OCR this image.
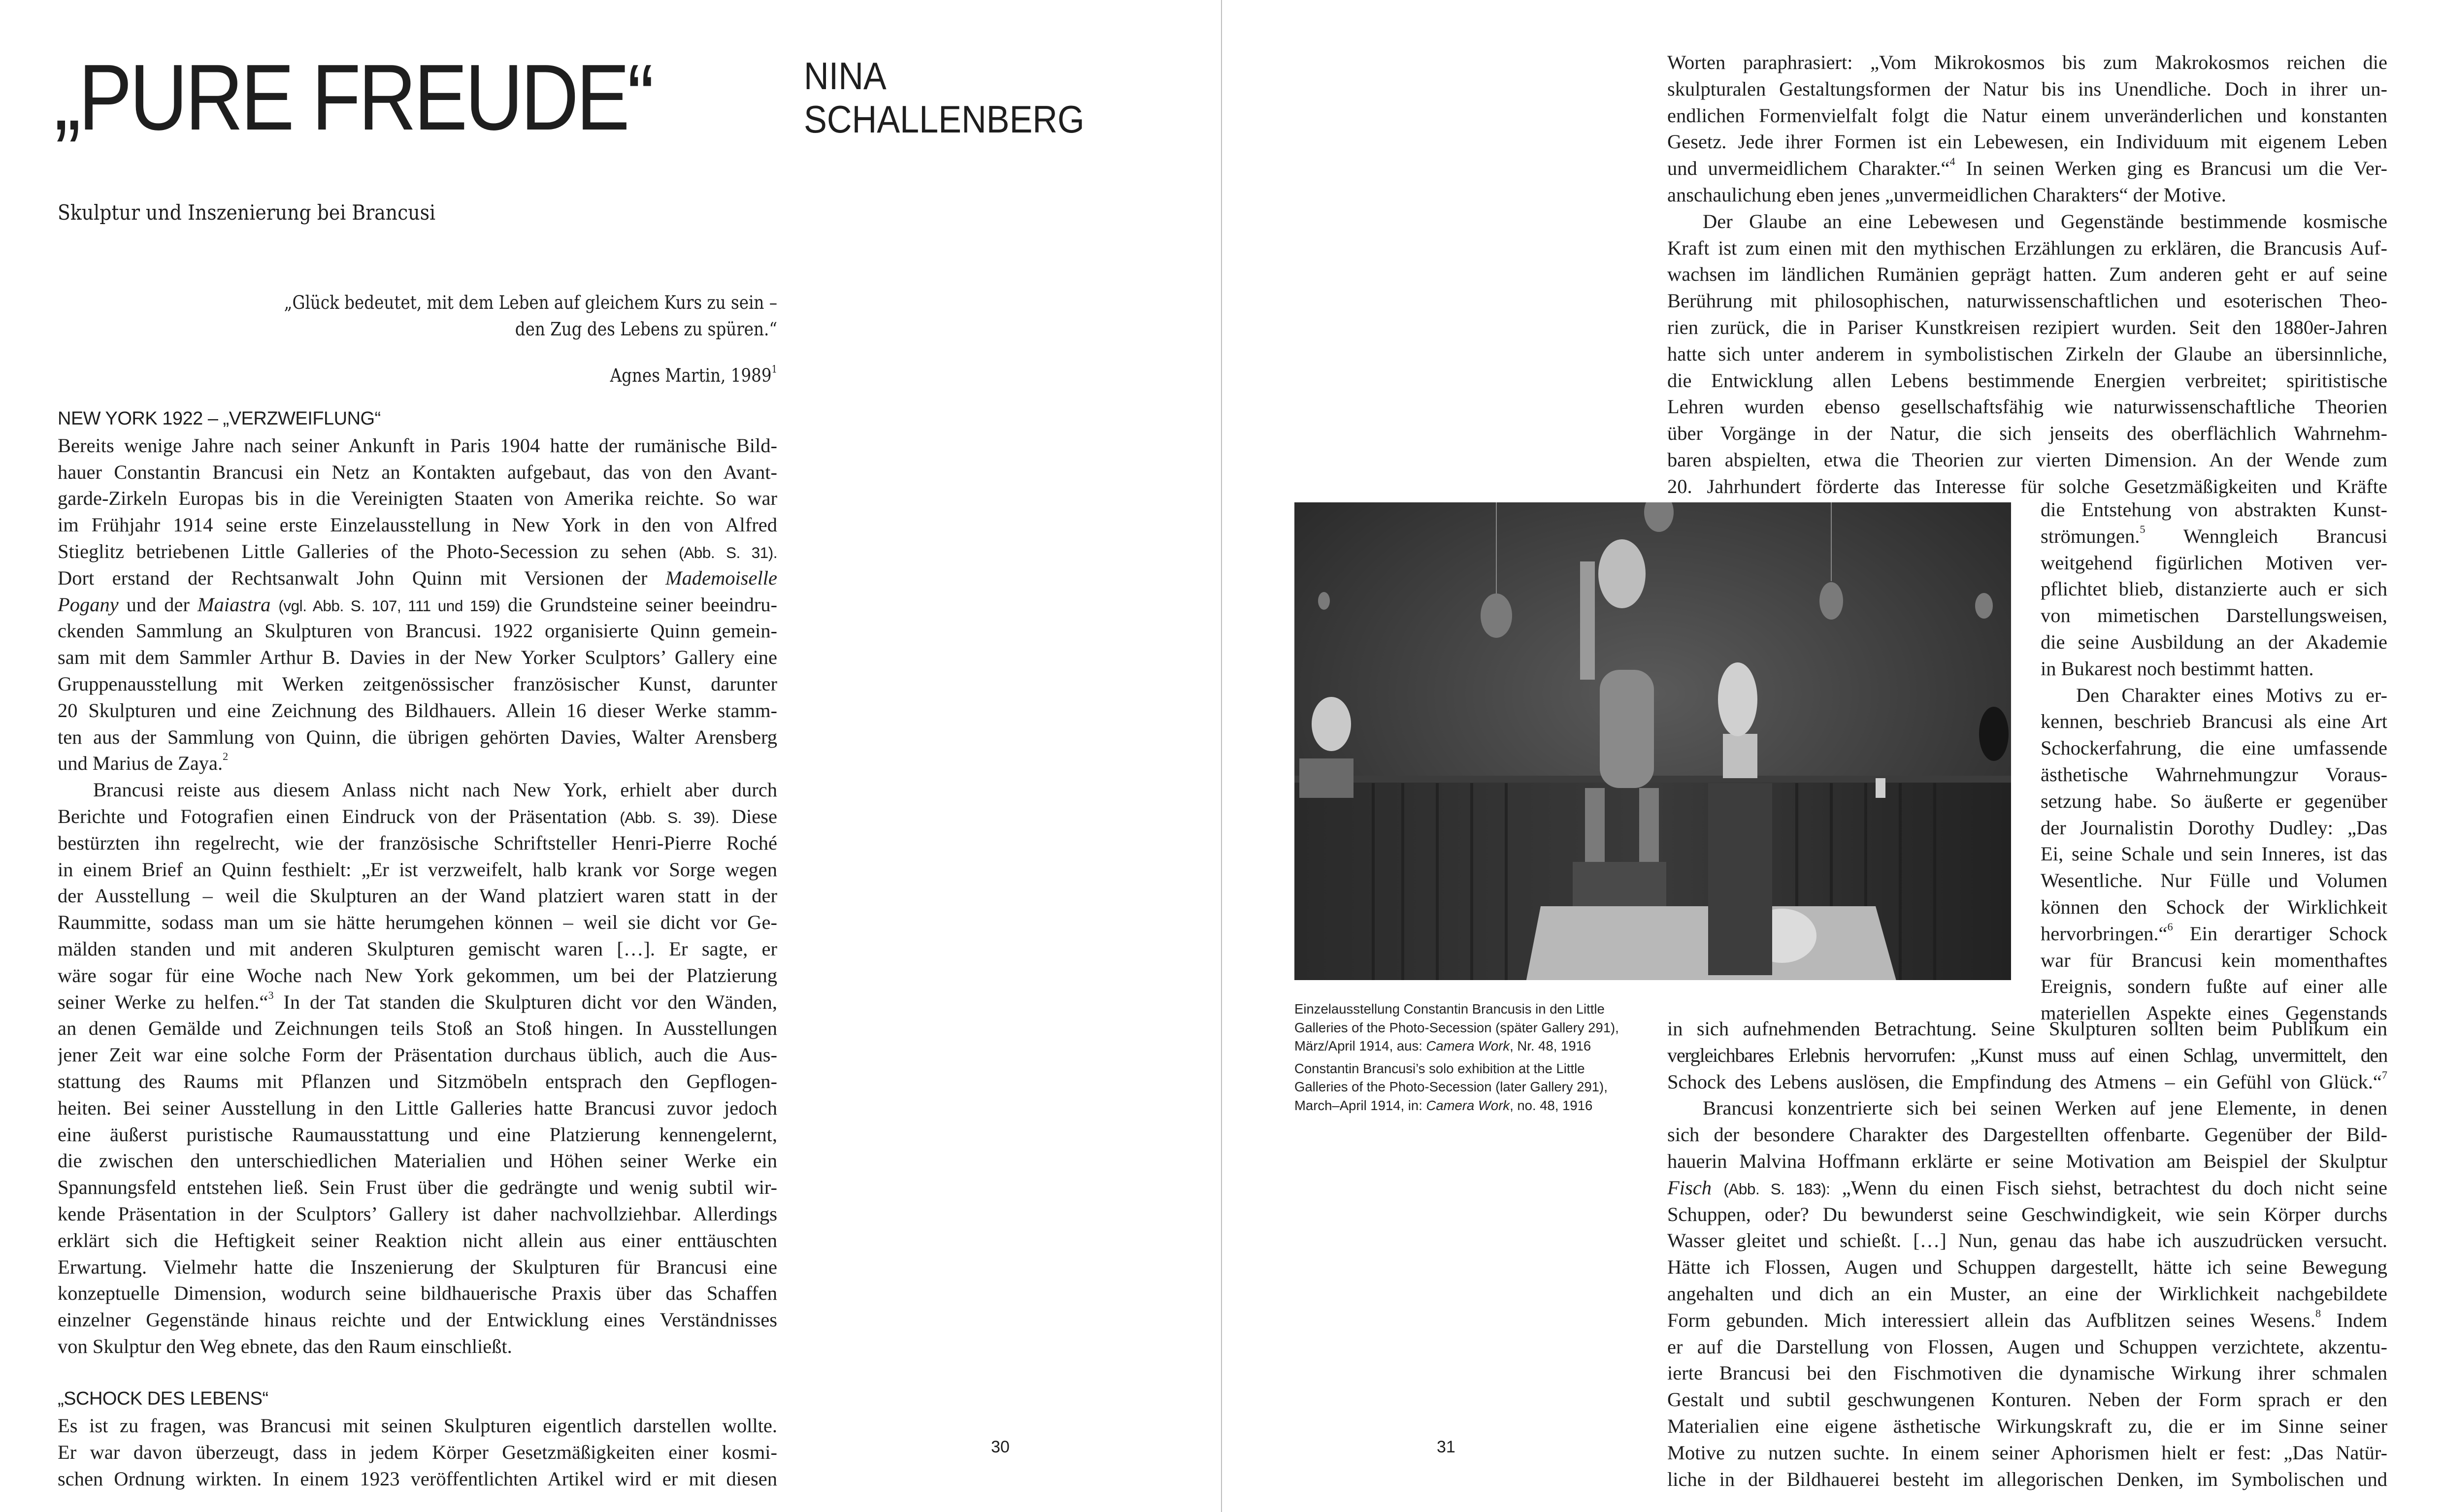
„PURE FREUDE“	NINA
SCHALLENBERG
Skulptur und Inszenierung bei Brancusi
„Glück bedeutet, mit dem Leben auf gleichem Kurs zu sein –
den Zug des Lebens zu spüren.“
Agnes Martin, 1989$^1$
NEW YORK 1922 – „VERZWEIFLUNG“
Bereits wenige Jahre nach seiner Ankunft in Paris 1904 hatte der rumänische Bild-
hauer Constantin Brancusi ein Netz an Kontakten aufgebaut, das von den Avant-
garde-Zirkeln Europas bis in die Vereinigten Staaten von Amerika reichte. So war
im Frühjahr 1914 seine erste Einzelausstellung in New York in den von Alfred
Stieglitz betriebenen Little Galleries of the Photo-Secession zu sehen (Abb. S. 31).
Dort erstand der Rechtsanwalt John Quinn mit Versionen der Mademoiselle
Pogany und der Maiastra (vgl. Abb. S. 107, 111 und 159) die Grundsteine seiner beeindru-
ckenden Sammlung an Skulpturen von Brancusi. 1922 organisierte Quinn gemein-
sam mit dem Sammler Arthur B. Davies in der New Yorker Sculptors’ Gallery eine
Gruppenausstellung mit Werken zeitgenössischer französischer Kunst, darunter
20 Skulpturen und eine Zeichnung des Bildhauers. Allein 16 dieser Werke stamm-
ten aus der Sammlung von Quinn, die übrigen gehörten Davies, Walter Arensberg
und Marius de Zaya.$^2$
Brancusi reiste aus diesem Anlass nicht nach New York, erhielt aber durch
Berichte und Fotografien einen Eindruck von der Präsentation (Abb. S. 39). Diese
bestürzten ihn regelrecht, wie der französische Schriftsteller Henri-Pierre Roché
in einem Brief an Quinn festhielt: „Er ist verzweifelt, halb krank vor Sorge wegen
der Ausstellung – weil die Skulpturen an der Wand platziert waren statt in der
Raummitte, sodass man um sie hätte herumgehen können – weil sie dicht vor Ge-
mälden standen und mit anderen Skulpturen gemischt waren […]. Er sagte, er
wäre sogar für eine Woche nach New York gekommen, um bei der Platzierung
seiner Werke zu helfen.“$^3$ In der Tat standen die Skulpturen dicht vor den Wänden,
an denen Gemälde und Zeichnungen teils Stoß an Stoß hingen. In Ausstellungen
jener Zeit war eine solche Form der Präsentation durchaus üblich, auch die Aus-
stattung des Raums mit Pflanzen und Sitzmöbeln entsprach den Gepflogen-
heiten. Bei seiner Ausstellung in den Little Galleries hatte Brancusi zuvor jedoch
eine äußerst puristische Raumausstattung und eine Platzierung kennengelernt,
die zwischen den unterschiedlichen Materialien und Höhen seiner Werke ein
Spannungsfeld entstehen ließ. Sein Frust über die gedrängte und wenig subtil wir-
kende Präsentation in der Sculptors’ Gallery ist daher nachvollziehbar. Allerdings
erklärt sich die Heftigkeit seiner Reaktion nicht allein aus einer enttäuschten
Erwartung. Vielmehr hatte die Inszenierung der Skulpturen für Brancusi eine
konzeptuelle Dimension, wodurch seine bildhauerische Praxis über das Schaffen
einzelner Gegenstände hinaus reichte und der Entwicklung eines Verständnisses
von Skulptur den Weg ebnete, das den Raum einschließt.
„SCHOCK DES LEBENS“
Es ist zu fragen, was Brancusi mit seinen Skulpturen eigentlich darstellen wollte.
Er war davon überzeugt, dass in jedem Körper Gesetzmäßigkeiten einer kosmi-
schen Ordnung wirkten. In einem 1923 veröffentlichten Artikel wird er mit diesen
30
Worten paraphrasiert: „Vom Mikrokosmos bis zum Makrokosmos reichen die
skulpturalen Gestaltungsformen der Natur bis ins Unendliche. Doch in ihrer un-
endlichen Formenvielfalt folgt die Natur einem unveränderlichen und konstanten
Gesetz. Jede ihrer Formen ist ein Lebewesen, ein Individuum mit eigenem Leben
und unvermeidlichem Charakter.“$^4$ In seinen Werken ging es Brancusi um die Ver-
anschaulichung eben jenes „unvermeidlichen Charakters“ der Motive.
Der Glaube an eine Lebewesen und Gegenstände bestimmende kosmische
Kraft ist zum einen mit den mythischen Erzählungen zu erklären, die Brancusis Auf-
wachsen im ländlichen Rumänien geprägt hatten. Zum anderen geht er auf seine
Berührung mit philosophischen, naturwissenschaftlichen und esoterischen Theo-
rien zurück, die in Pariser Kunstkreisen rezipiert wurden. Seit den 1880er-Jahren
hatte sich unter anderem in symbolistischen Zirkeln der Glaube an übersinnliche,
die Entwicklung allen Lebens bestimmende Energien verbreitet; spiritistische
Lehren wurden ebenso gesellschaftsfähig wie naturwissenschaftliche Theorien
über Vorgänge in der Natur, die sich jenseits des oberflächlich Wahrnehm-
baren abspielten, etwa die Theorien zur vierten Dimension. An der Wende zum
20. Jahrhundert förderte das Interesse für solche Gesetzmäßigkeiten und Kräfte
Einzelausstellung Constantin Brancusis in den Little
Galleries of the Photo-Secession (später Gallery 291),
März/April 1914, aus: Camera Work, Nr. 48, 1916
Constantin Brancusi’s solo exhibition at the Little
Galleries of the Photo-Secession (later Gallery 291),
March–April 1914, in: Camera Work, no. 48, 1916
die Entstehung von abstrakten Kunst-
strömungen.$^5$ Wenngleich Brancusi
weitgehend figürlichen Motiven ver-
pflichtet blieb, distanzierte auch er sich
von mimetischen Darstellungsweisen,
die seine Ausbildung an der Akademie
in Bukarest noch bestimmt hatten.
Den Charakter eines Motivs zu er-
kennen, beschrieb Brancusi als eine Art
Schockerfahrung, die eine umfassende
ästhetische Wahrnehmungzur Voraus-
setzung habe. So äußerte er gegenüber
der Journalistin Dorothy Dudley: „Das
Ei, seine Schale und sein Inneres, ist das
Wesentliche. Nur Fülle und Volumen
können den Schock der Wirklichkeit
hervorbringen.“$^6$ Ein derartiger Schock
war für Brancusi kein momenthaftes
Ereignis, sondern fußte auf einer alle
materiellen Aspekte eines Gegenstands
in sich aufnehmenden Betrachtung. Seine Skulpturen sollten beim Publikum ein
vergleichbares Erlebnis hervorrufen: „Kunst muss auf einen Schlag, unvermittelt, den
Schock des Lebens auslösen, die Empfindung des Atmens – ein Gefühl von Glück.“$^7$
Brancusi konzentrierte sich bei seinen Werken auf jene Elemente, in denen
sich der besondere Charakter des Dargestellten offenbarte. Gegenüber der Bild-
hauerin Malvina Hoffmann erklärte er seine Motivation am Beispiel der Skulptur
Fisch (Abb. S. 183): „Wenn du einen Fisch siehst, betrachtest du doch nicht seine
Schuppen, oder? Du bewunderst seine Geschwindigkeit, wie sein Körper durchs
Wasser gleitet und schießt. […] Nun, genau das habe ich auszudrücken versucht.
Hätte ich Flossen, Augen und Schuppen dargestellt, hätte ich seine Bewegung
angehalten und dich an ein Muster, an eine der Wirklichkeit nachgebildete
Form gebunden. Mich interessiert allein das Aufblitzen seines Wesens.$^8$ Indem
er auf die Darstellung von Flossen, Augen und Schuppen verzichtete, akzentu-
ierte Brancusi bei den Fischmotiven die dynamische Wirkung ihrer schmalen
Gestalt und subtil geschwungenen Konturen. Neben der Form sprach er den
Materialien eine eigene ästhetische Wirkungskraft zu, die er im Sinne seiner
Motive zu nutzen suchte. In einem seiner Aphorismen hielt er fest: „Das Natür-
liche in der Bildhauerei besteht im allegorischen Denken, im Symbolischen und
31
